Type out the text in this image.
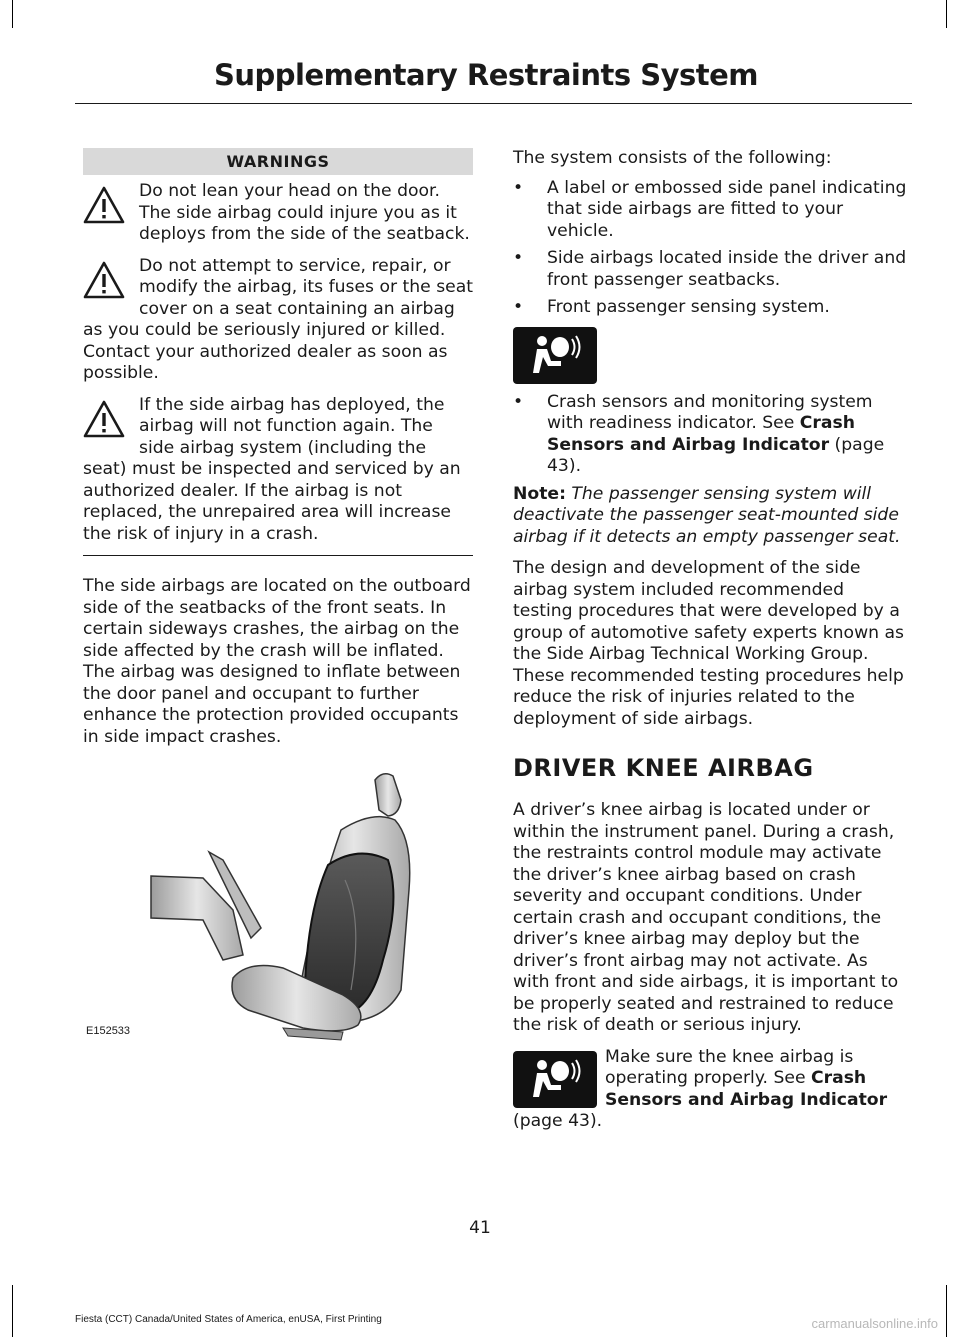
Supplementary Restraints System
WARNINGS

Do not lean your head on the door. The side airbag could injure you as it deploys from the side of the seatback.

Do not attempt to service, repair, or modify the airbag, its fuses or the seat cover on a seat containing an airbag as you could be seriously injured or killed. Contact your authorized dealer as soon as possible.

If the side airbag has deployed, the airbag will not function again. The side airbag system (including the seat) must be inspected and serviced by an authorized dealer. If the airbag is not replaced, the unrepaired area will increase the risk of injury in a crash.

The side airbags are located on the outboard side of the seatbacks of the front seats. In certain sideways crashes, the airbag on the side affected by the crash will be inflated. The airbag was designed to inflate between the door panel and occupant to further enhance the protection provided occupants in side impact crashes.

E152533

The system consists of the following:

• A label or embossed side panel indicating that side airbags are fitted to your vehicle.
• Side airbags located inside the driver and front passenger seatbacks.
• Front passenger sensing system.
• Crash sensors and monitoring system with readiness indicator. See Crash Sensors and Airbag Indicator (page 43).

Note: The passenger sensing system will deactivate the passenger seat-mounted side airbag if it detects an empty passenger seat.

The design and development of the side airbag system included recommended testing procedures that were developed by a group of automotive safety experts known as the Side Airbag Technical Working Group. These recommended testing procedures help reduce the risk of injuries related to the deployment of side airbags.

DRIVER KNEE AIRBAG

A driver’s knee airbag is located under or within the instrument panel. During a crash, the restraints control module may activate the driver’s knee airbag based on crash severity and occupant conditions. Under certain crash and occupant conditions, the driver’s knee airbag may deploy but the driver’s front airbag may not activate. As with front and side airbags, it is important to be properly seated and restrained to reduce the risk of death or serious injury.

Make sure the knee airbag is operating properly. See Crash Sensors and Airbag Indicator (page 43).

41
Fiesta (CCT) Canada/United States of America, enUSA, First Printing	carmanualsonline.info
